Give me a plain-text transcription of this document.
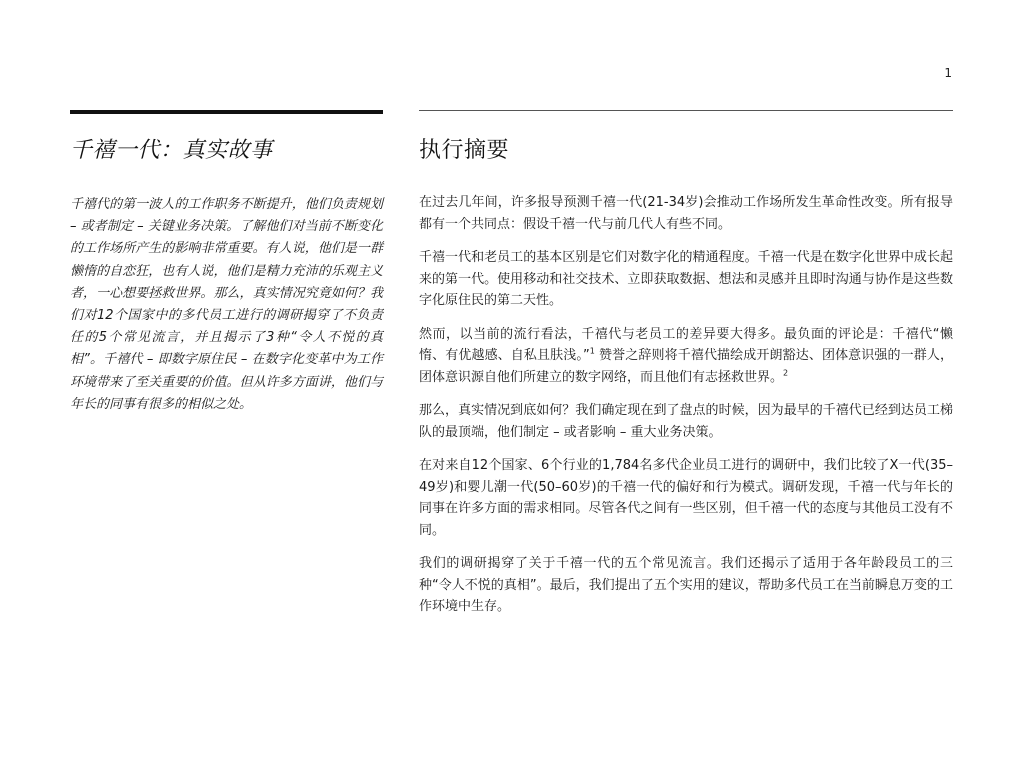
1
千禧一代：真实故事

千禧代的第一波人的工作职务不断提升，他们负责规划 – 或者制定 – 关键业务决策。了解他们对当前不断变化的工作场所产生的影响非常重要。有人说，他们是一群懒惰的自恋狂，也有人说，他们是精力充沛的乐观主义者，一心想要拯救世界。那么，真实情况究竟如何？我们对12个国家中的多代员工进行的调研揭穿了不负责任的5个常见流言，并且揭示了3种“令人不悦的真相”。千禧代 – 即数字原住民 – 在数字化变革中为工作环境带来了至关重要的价值。但从许多方面讲，他们与年长的同事有很多的相似之处。

执行摘要

在过去几年间，许多报导预测千禧一代(21-34岁)会推动工作场所发生革命性改变。所有报导都有一个共同点：假设千禧一代与前几代人有些不同。

千禧一代和老员工的基本区别是它们对数字化的精通程度。千禧一代是在数字化世界中成长起来的第一代。使用移动和社交技术、立即获取数据、想法和灵感并且即时沟通与协作是这些数字化原住民的第二天性。

然而，以当前的流行看法，千禧代与老员工的差异要大得多。最负面的评论是：千禧代“懒惰、有优越感、自私且肤浅。”$^1$ 赞誉之辞则将千禧代描绘成开朗豁达、团体意识强的一群人，团体意识源自他们所建立的数字网络，而且他们有志拯救世界。$^2$

那么，真实情况到底如何？我们确定现在到了盘点的时候，因为最早的千禧代已经到达员工梯队的最顶端，他们制定 – 或者影响 – 重大业务决策。

在对来自12个国家、6个行业的1,784名多代企业员工进行的调研中，我们比较了X一代(35–49岁)和婴儿潮一代(50–60岁)的千禧一代的偏好和行为模式。调研发现，千禧一代与年长的同事在许多方面的需求相同。尽管各代之间有一些区别，但千禧一代的态度与其他员工没有不同。

我们的调研揭穿了关于千禧一代的五个常见流言。我们还揭示了适用于各年龄段员工的三种“令人不悦的真相”。最后，我们提出了五个实用的建议，帮助多代员工在当前瞬息万变的工作环境中生存。
